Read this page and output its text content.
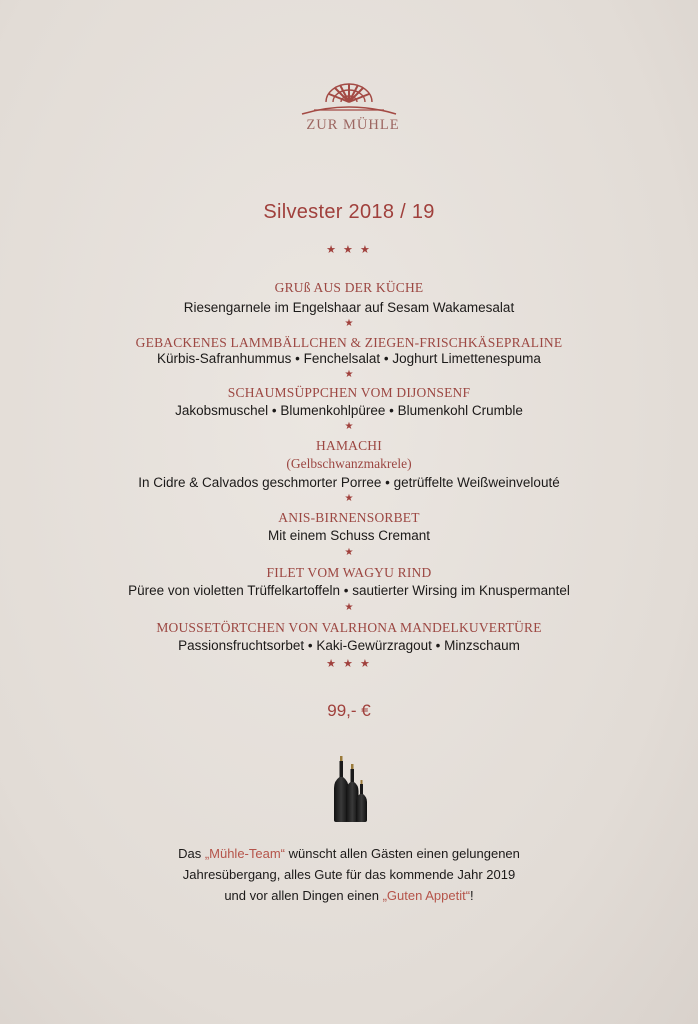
ZUR MÜHLE
Silvester 2018 / 19
★ ★ ★
GRUß AUS DER KÜCHE
Riesengarnele im Engelshaar auf Sesam Wakamesalat
★
GEBACKENES LAMMBÄLLCHEN & ZIEGEN-FRISCHKÄSEPRALINE
Kürbis-Safranhummus • Fenchelsalat • Joghurt Limettenespuma
★
SCHAUMSÜPPCHEN VOM DIJONSENF
Jakobsmuschel • Blumenkohlpüree • Blumenkohl Crumble
★
HAMACHI
(Gelbschwanzmakrele)
In Cidre & Calvados geschmorter Porree • getrüffelte Weißweinvelouté
★
ANIS-BIRNENSORBET
Mit einem Schuss Cremant
★
FILET VOM WAGYU RIND
Püree von violetten Trüffelkartoffeln • sautierter Wirsing im Knuspermantel
★
MOUSSETÖRTCHEN VON VALRHONA MANDELKUVERTÜRE
Passionsfruchtsorbet • Kaki-Gewürzragout • Minzschaum
★ ★ ★
99,- €
Das „Mühle-Team“ wünscht allen Gästen einen gelungenen
Jahresübergang, alles Gute für das kommende Jahr 2019
und vor allen Dingen einen „Guten Appetit“!
